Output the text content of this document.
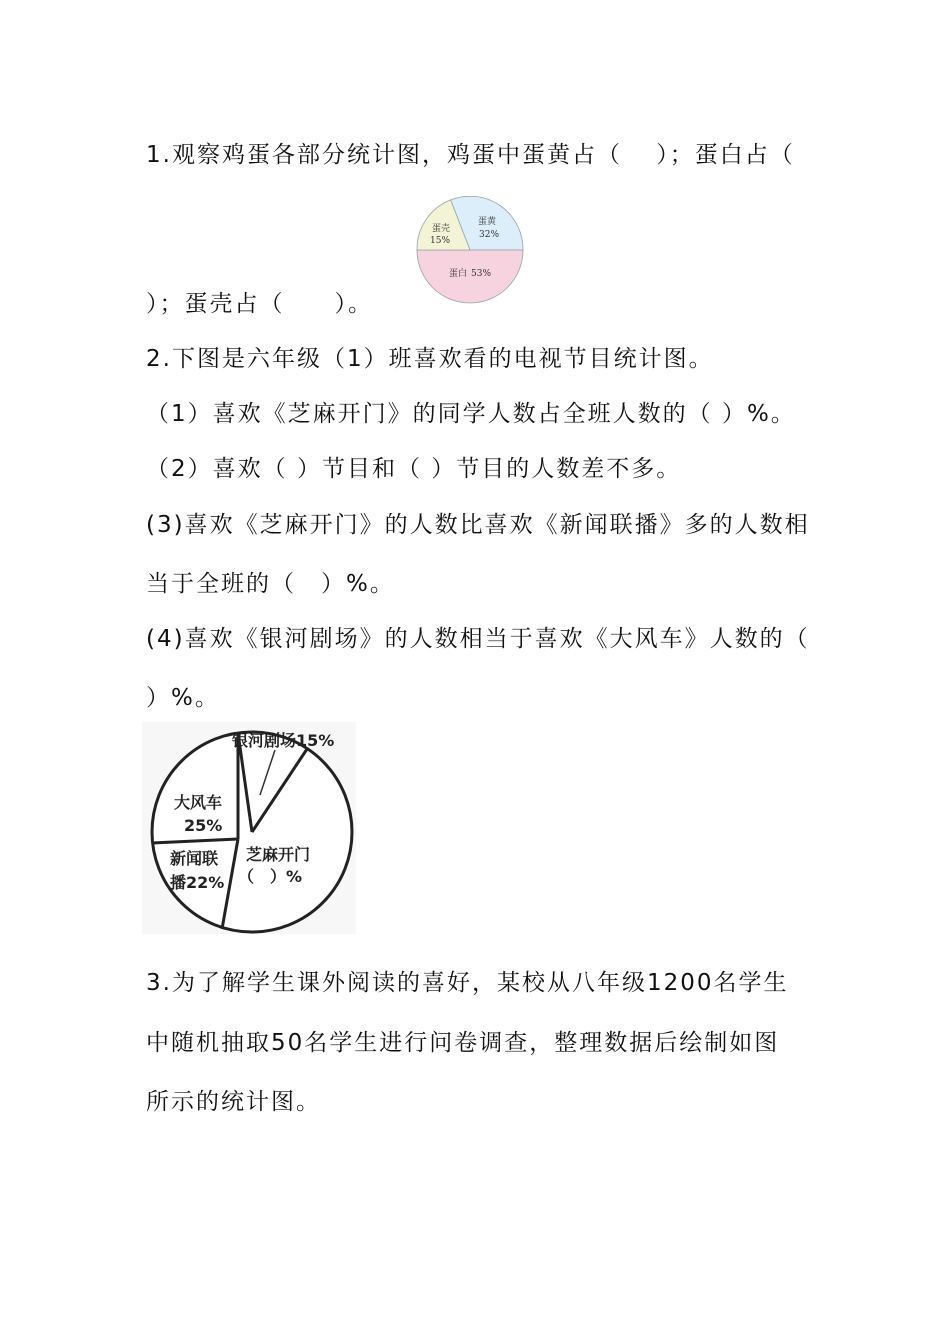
1.观察鸡蛋各部分统计图，鸡蛋中蛋黄占（　 ）；蛋白占（
蛋黄
32%
蛋壳
15%
蛋白 53%
）；蛋壳占（　　）。
2.下图是六年级（1）班喜欢看的电视节目统计图。
（1）喜欢《芝麻开门》的同学人数占全班人数的（ ）%。
（2）喜欢（ ）节目和（ ）节目的人数差不多。
(3)喜欢《芝麻开门》的人数比喜欢《新闻联播》多的人数相
当于全班的（　）%。
(4)喜欢《银河剧场》的人数相当于喜欢《大风车》人数的（
）%。
银河剧场15%
大风车
25%
新闻联
播22%
芝麻开门
（　）%
3.为了解学生课外阅读的喜好，某校从八年级1200名学生
中随机抽取50名学生进行问卷调查，整理数据后绘制如图
所示的统计图。
